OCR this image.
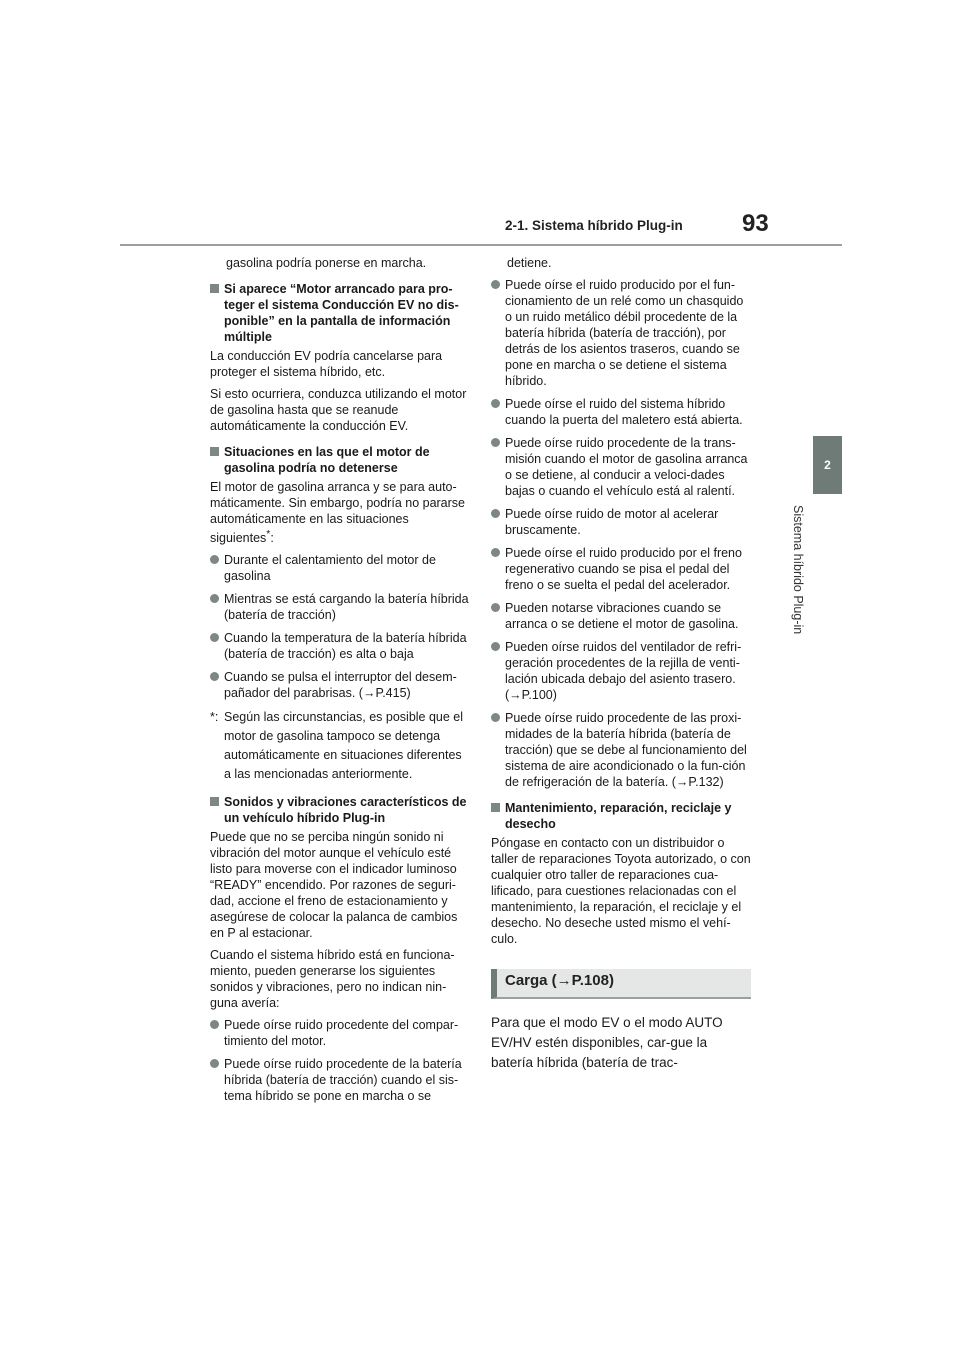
2-1. Sistema híbrido Plug-in 93
2
Sistema híbrido Plug-in

gasolina podría ponerse en marcha.

Si aparece “Motor arrancado para pro-teger el sistema Conducción EV no dis-ponible” en la pantalla de información múltiple

La conducción EV podría cancelarse para proteger el sistema híbrido, etc.

Si esto ocurriera, conduzca utilizando el motor de gasolina hasta que se reanude automáticamente la conducción EV.

Situaciones en las que el motor de gasolina podría no detenerse

El motor de gasolina arranca y se para auto-máticamente. Sin embargo, podría no pararse automáticamente en las situaciones siguientes*:

Durante el calentamiento del motor de gasolina
Mientras se está cargando la batería híbrida (batería de tracción)
Cuando la temperatura de la batería híbrida (batería de tracción) es alta o baja
Cuando se pulsa el interruptor del desem-pañador del parabrisas. (→P.415)
*: Según las circunstancias, es posible que el motor de gasolina tampoco se detenga automáticamente en situaciones diferentes a las mencionadas anteriormente.
Sonidos y vibraciones característicos de un vehículo híbrido Plug-in

Puede que no se perciba ningún sonido ni vibración del motor aunque el vehículo esté listo para moverse con el indicador luminoso “READY” encendido. Por razones de seguri-dad, accione el freno de estacionamiento y asegúrese de colocar la palanca de cambios en P al estacionar.

Cuando el sistema híbrido está en funciona-miento, pueden generarse los siguientes sonidos y vibraciones, pero no indican nin-guna avería:

Puede oírse ruido procedente del compar-timiento del motor.
Puede oírse ruido procedente de la batería híbrida (batería de tracción) cuando el sis-tema híbrido se pone en marcha o se

detiene.

Puede oírse el ruido producido por el fun-cionamiento de un relé como un chasquido o un ruido metálico débil procedente de la batería híbrida (batería de tracción), por detrás de los asientos traseros, cuando se pone en marcha o se detiene el sistema híbrido.
Puede oírse el ruido del sistema híbrido cuando la puerta del maletero está abierta.
Puede oírse ruido procedente de la trans-misión cuando el motor de gasolina arranca o se detiene, al conducir a veloci-dades bajas o cuando el vehículo está al ralentí.
Puede oírse ruido de motor al acelerar bruscamente.
Puede oírse el ruido producido por el freno regenerativo cuando se pisa el pedal del freno o se suelta el pedal del acelerador.
Pueden notarse vibraciones cuando se arranca o se detiene el motor de gasolina.
Pueden oírse ruidos del ventilador de refri-geración procedentes de la rejilla de venti-lación ubicada debajo del asiento trasero. (→P.100)
Puede oírse ruido procedente de las proxi-midades de la batería híbrida (batería de tracción) que se debe al funcionamiento del sistema de aire acondicionado o la fun-ción de refrigeración de la batería. (→P.132)
Mantenimiento, reparación, reciclaje y desecho

Póngase en contacto con un distribuidor o taller de reparaciones Toyota autorizado, o con cualquier otro taller de reparaciones cua-lificado, para cuestiones relacionadas con el mantenimiento, la reparación, el reciclaje y el desecho. No deseche usted mismo el vehí-culo.

Carga (→P.108)

Para que el modo EV o el modo AUTO EV/HV estén disponibles, car-gue la batería híbrida (batería de trac-
